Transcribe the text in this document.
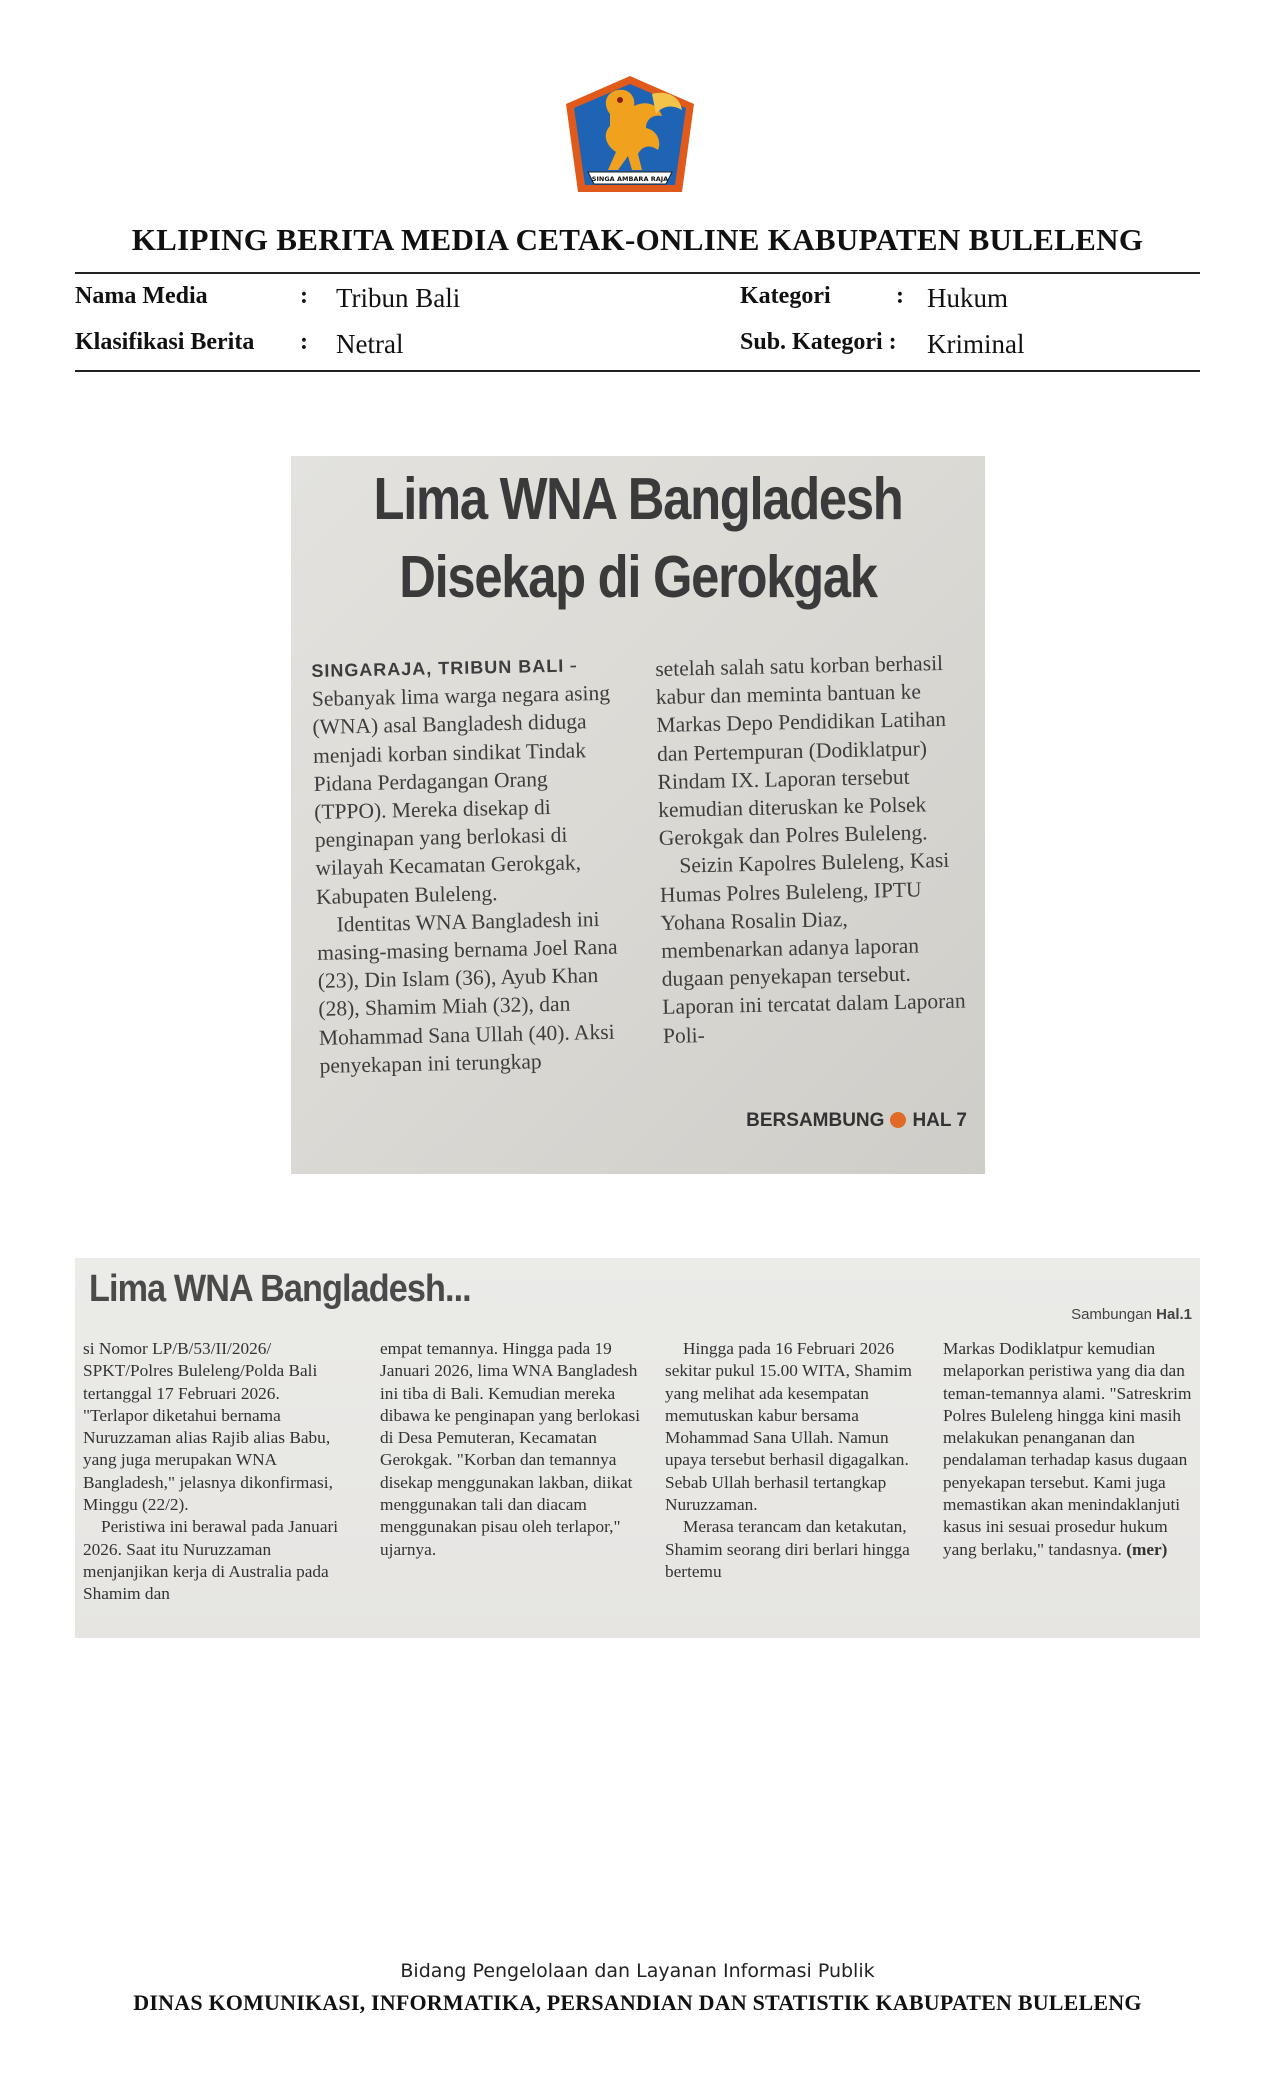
SINGA AMBARA RAJA
KLIPING BERITA MEDIA CETAK-ONLINE KABUPATEN BULELENG
Nama Media	: Tribun Bali	Kategori	: Hukum
Klasifikasi Berita : Netral	Sub. Kategori : Kriminal
Lima WNA Bangladesh
Disekap di Gerokgak

SINGARAJA, TRIBUN BALI - Sebanyak lima warga negara asing (WNA) asal Bangladesh diduga menjadi korban sindikat Tindak Pidana Perdagangan Orang (TPPO). Mereka disekap di penginapan yang berlokasi di wilayah Kecamatan Gerokgak, Kabupaten Buleleng.

Identitas WNA Bangladesh ini masing-masing bernama Joel Rana (23), Din Islam (36), Ayub Khan (28), Shamim Miah (32), dan Mohammad Sana Ullah (40). Aksi penyekapan ini terungkap

setelah salah satu korban berhasil kabur dan meminta bantuan ke Markas Depo Pendidikan Latihan dan Pertempuran (Dodiklatpur) Rindam IX. Laporan tersebut kemudian diteruskan ke Polsek Gerokgak dan Polres Buleleng.

Seizin Kapolres Buleleng, Kasi Humas Polres Buleleng, IPTU Yohana Rosalin Diaz, membenarkan adanya laporan dugaan penyekapan tersebut. Laporan ini tercatat dalam Laporan Poli-

BERSAMBUNG HAL 7
Lima WNA Bangladesh...
Sambungan Hal.1

si Nomor LP/B/53/II/2026/ SPKT/Polres Buleleng/Polda Bali tertanggal 17 Februari 2026. "Terlapor diketahui bernama Nuruzzaman alias Rajib alias Babu, yang juga merupakan WNA Bangladesh," jelasnya dikonfirmasi, Minggu (22/2).

Peristiwa ini berawal pada Januari 2026. Saat itu Nuruzzaman menjanjikan kerja di Australia pada Shamim dan

empat temannya. Hingga pada 19 Januari 2026, lima WNA Bangladesh ini tiba di Bali. Kemudian mereka dibawa ke penginapan yang berlokasi di Desa Pemuteran, Kecamatan Gerokgak. "Korban dan temannya disekap menggunakan lakban, diikat menggunakan tali dan diacam menggunakan pisau oleh terlapor," ujarnya.

Hingga pada 16 Februari 2026 sekitar pukul 15.00 WITA, Shamim yang melihat ada kesempatan memutuskan kabur bersama Mohammad Sana Ullah. Namun upaya tersebut berhasil digagalkan. Sebab Ullah berhasil tertangkap Nuruzzaman.

Merasa terancam dan ketakutan, Shamim seorang diri berlari hingga bertemu

Markas Dodiklatpur kemudian melaporkan peristiwa yang dia dan teman-temannya alami. "Satreskrim Polres Buleleng hingga kini masih melakukan penanganan dan pendalaman terhadap kasus dugaan penyekapan tersebut. Kami juga memastikan akan menindaklanjuti kasus ini sesuai prosedur hukum yang berlaku," tandasnya. (mer)

Bidang Pengelolaan dan Layanan Informasi Publik
DINAS KOMUNIKASI, INFORMATIKA, PERSANDIAN DAN STATISTIK KABUPATEN BULELENG
